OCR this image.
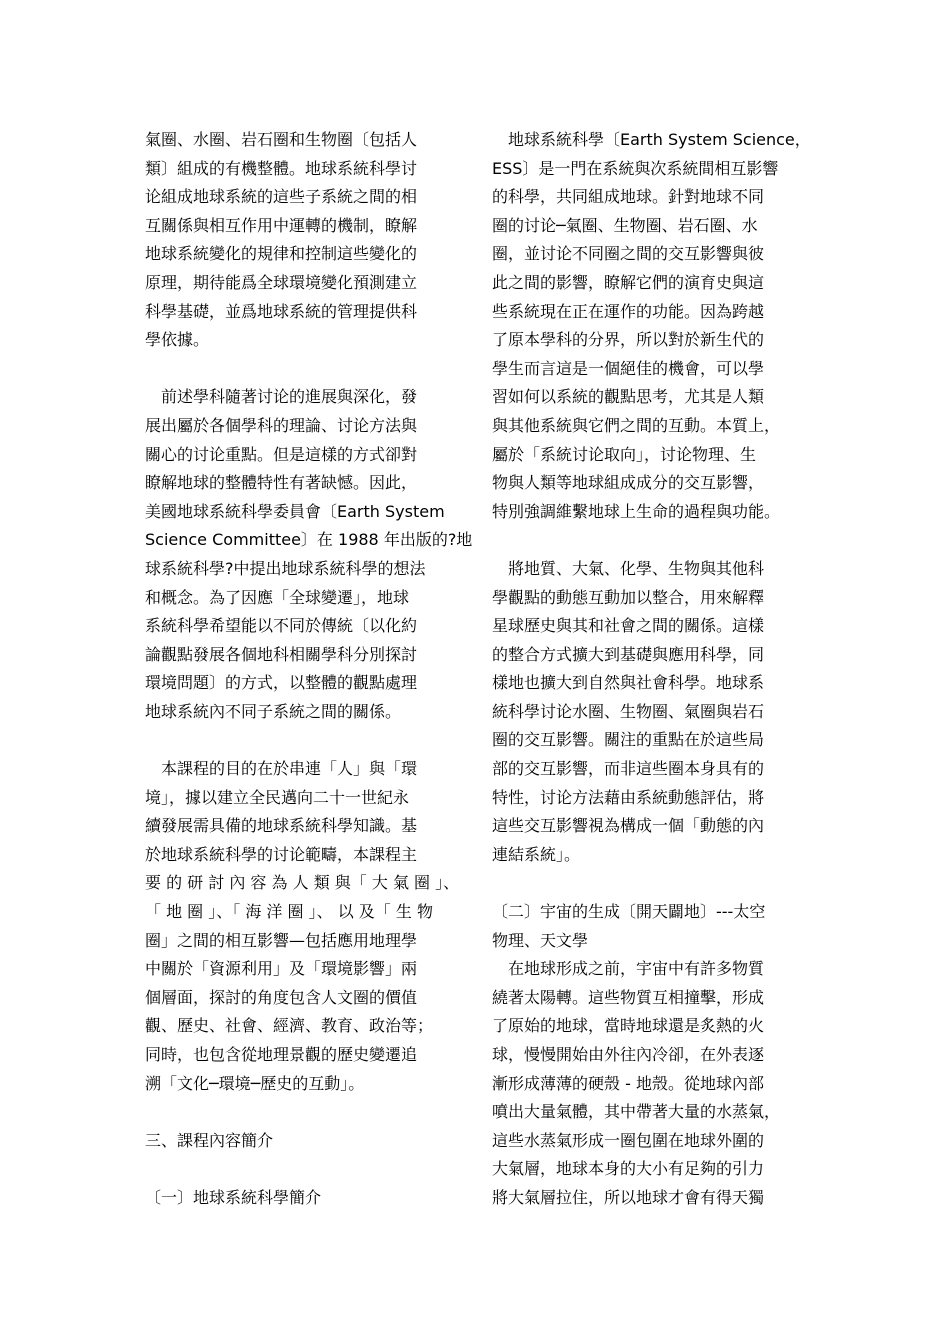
氣圈、水圈、岩石圈和生物圈〔包括人
類〕組成的有機整體。地球系統科學讨
论組成地球系統的這些子系統之間的相
互關係與相互作用中運轉的機制，瞭解
地球系統變化的規律和控制這些變化的
原理，期待能爲全球環境變化預測建立
科學基礎，並爲地球系統的管理提供科
學依據。
　前述學科隨著讨论的進展與深化，發
展出屬於各個學科的理論、讨论方法與
關心的讨论重點。但是這樣的方式卻對
瞭解地球的整體特性有著缺憾。因此，
美國地球系統科學委員會〔Earth System
Science Committee〕在 1988 年出版的?地
球系統科學?中提出地球系統科學的想法
和概念。為了因應「全球變遷」，地球
系統科學希望能以不同於傳統〔以化約
論觀點發展各個地科相關學科分別探討
環境問題〕的方式，以整體的觀點處理
地球系統內不同子系統之間的關係。
　本課程的目的在於串連「人」與「環
境」，據以建立全民邁向二十一世紀永
續發展需具備的地球系統科學知識。基
於地球系統科學的讨论範疇，本課程主
要 的 研 討 內 容 為 人 類 與「 大 氣 圈 」、
「 地 圈 」、「 海 洋 圈 」、 以 及「 生 物
圈」之間的相互影響—包括應用地理學
中關於「資源利用」及「環境影響」兩
個層面，探討的角度包含人文圈的價值
觀、歷史、社會、經濟、教育、政治等；
同時，也包含從地理景觀的歷史變遷追
溯「文化─環境─歷史的互動」。
三、課程內容簡介
〔一〕地球系統科學簡介
　地球系統科學〔Earth System Science，
ESS〕是一門在系統與次系統間相互影響
的科學，共同組成地球。針對地球不同
圈的讨论─氣圈、生物圈、岩石圈、水
圈，並讨论不同圈之間的交互影響與彼
此之間的影響，瞭解它們的演育史與這
些系統現在正在運作的功能。因為跨越
了原本學科的分界，所以對於新生代的
學生而言這是一個絕佳的機會，可以學
習如何以系統的觀點思考，尤其是人類
與其他系統與它們之間的互動。本質上，
屬於「系統讨论取向」，讨论物理、生
物與人類等地球組成成分的交互影響，
特別強調維繫地球上生命的過程與功能。
　將地質、大氣、化學、生物與其他科
學觀點的動態互動加以整合，用來解釋
星球歷史與其和社會之間的關係。這樣
的整合方式擴大到基礎與應用科學，同
樣地也擴大到自然與社會科學。地球系
統科學讨论水圈、生物圈、氣圈與岩石
圈的交互影響。關注的重點在於這些局
部的交互影響，而非這些圈本身具有的
特性，讨论方法藉由系統動態評估，將
這些交互影響視為構成一個「動態的內
連結系統」。
〔二〕宇宙的生成〔開天闢地〕---太空
物理、天文學
　在地球形成之前，宇宙中有許多物質
繞著太陽轉。這些物質互相撞擊，形成
了原始的地球，當時地球還是炙熱的火
球，慢慢開始由外往內冷卻，在外表逐
漸形成薄薄的硬殼 - 地殼。從地球內部
噴出大量氣體，其中帶著大量的水蒸氣，
這些水蒸氣形成一圈包圍在地球外圍的
大氣層，地球本身的大小有足夠的引力
將大氣層拉住，所以地球才會有得天獨
